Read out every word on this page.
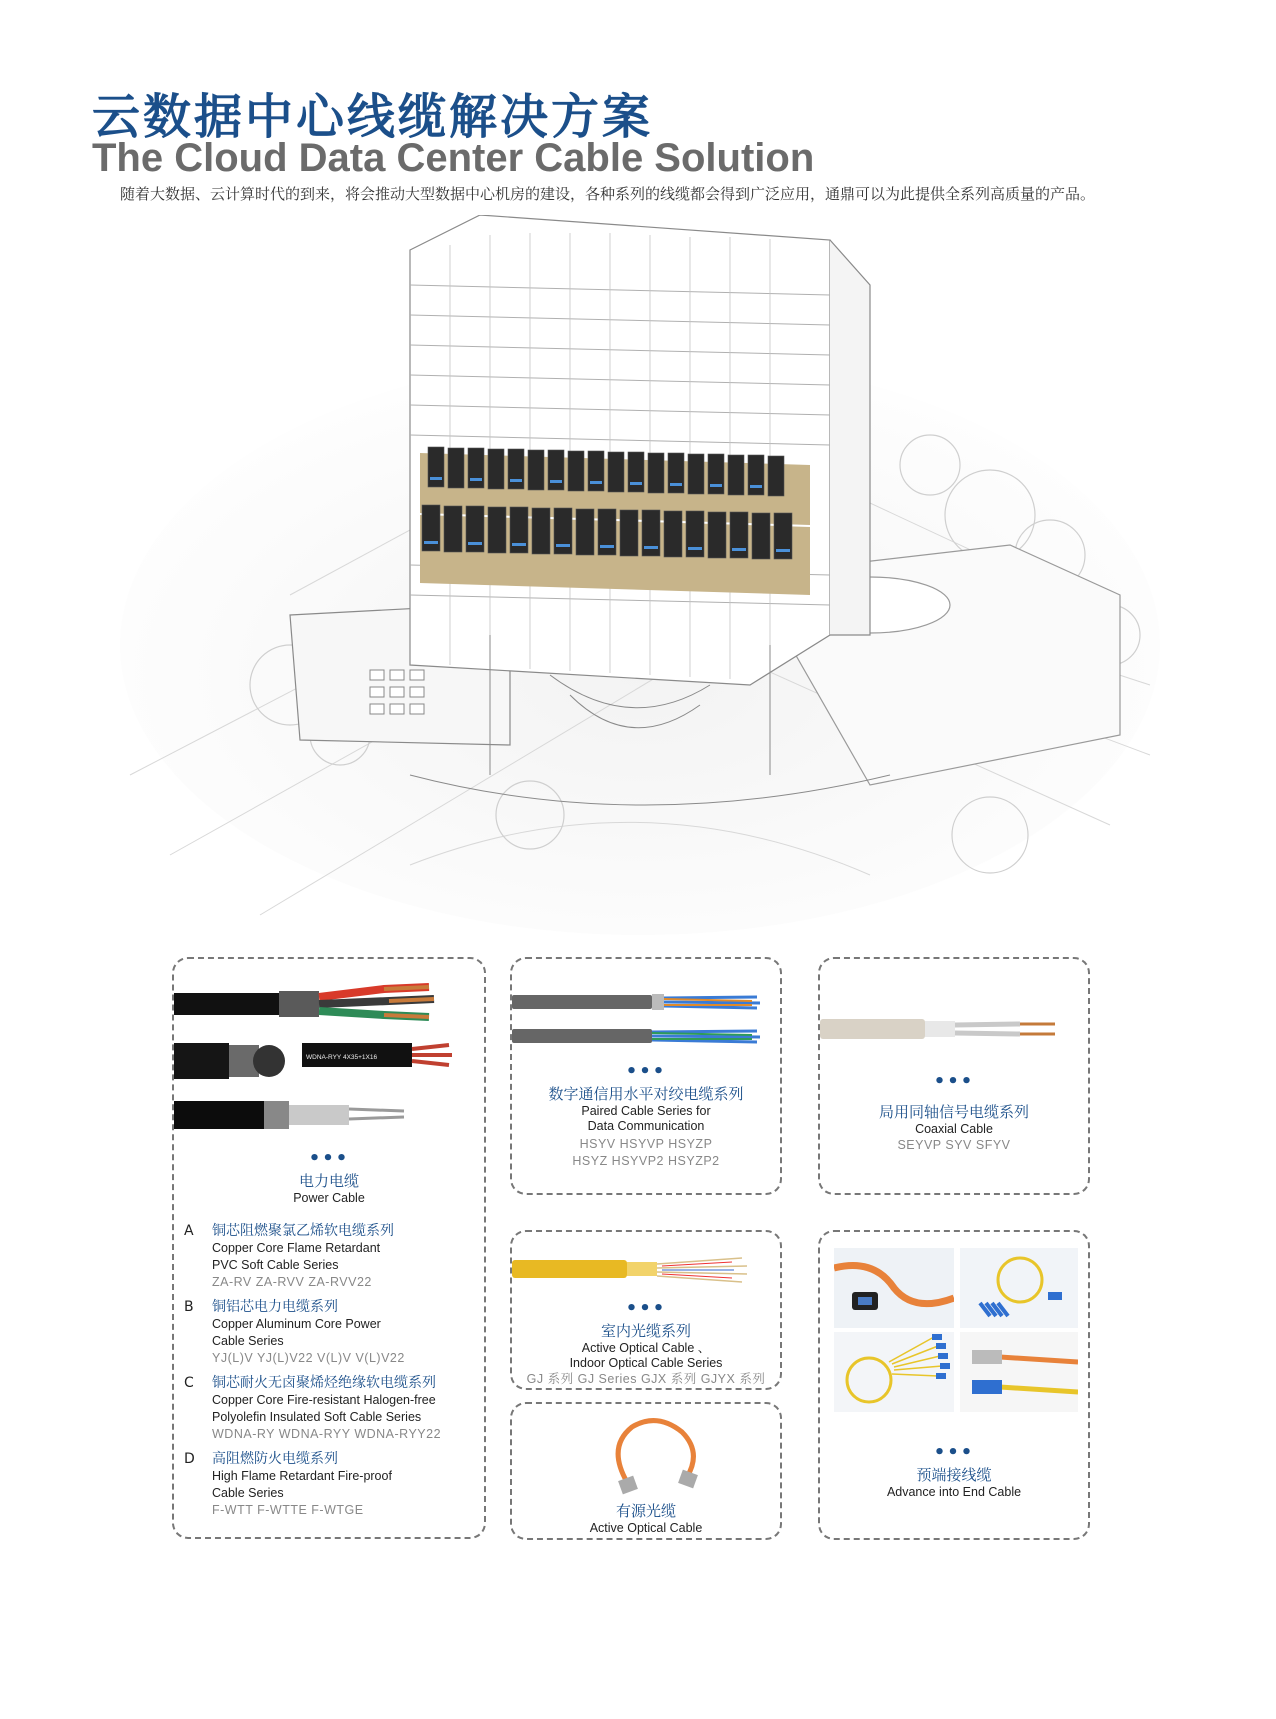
云数据中心线缆解决方案
The Cloud Data Center Cable Solution

随着大数据、云计算时代的到来，将会推动大型数据中心机房的建设，各种系列的线缆都会得到广泛应用，通鼎可以为此提供全系列高质量的产品。

WDNA-RYY 4X35+1X16
•••
电力电缆
Power Cable
A 铜芯阻燃聚氯乙烯软电缆系列
Copper Core Flame Retardant
PVC Soft Cable Series
ZA-RV ZA-RVV ZA-RVV22
B 铜铝芯电力电缆系列
Copper Aluminum Core Power
Cable Series
YJ(L)V YJ(L)V22 V(L)V V(L)V22
C 铜芯耐火无卤聚烯烃绝缘软电缆系列
Copper Core Fire-resistant Halogen-free
Polyolefin Insulated Soft Cable Series
WDNA-RY WDNA-RYY WDNA-RYY22
D 高阻燃防火电缆系列
High Flame Retardant Fire-proof
Cable Series
F-WTT F-WTTE F-WTGE
•••
数字通信用水平对绞电缆系列
Paired Cable Series for
Data Communication
HSYV HSYVP HSYZP
HSYZ HSYVP2 HSYZP2
•••
局用同轴信号电缆系列
Coaxial Cable
SEYVP SYV SFYV
•••
室内光缆系列
Active Optical Cable 、
Indoor Optical Cable Series
GJ 系列 GJ Series GJX 系列 GJYX 系列
有源光缆
Active Optical Cable
•••
预端接线缆
Advance into End Cable
